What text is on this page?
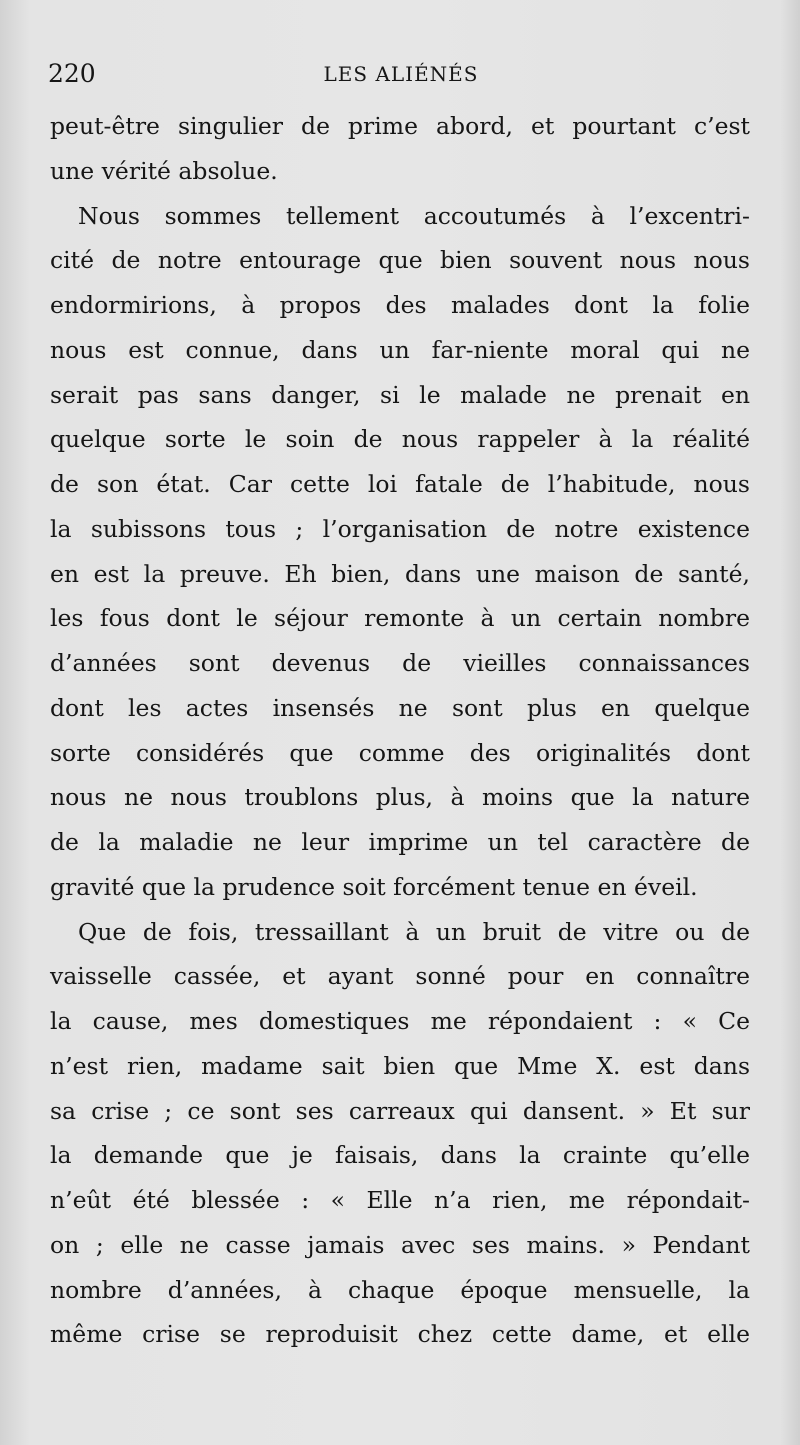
220	LES ALIÉNÉS
peut-être singulier de prime abord, et pourtant c’est
une vérité absolue.
Nous sommes tellement accoutumés à l’excentri-
cité de notre entourage que bien souvent nous nous
endormirions, à propos des malades dont la folie
nous est connue, dans un far-niente moral qui ne
serait pas sans danger, si le malade ne prenait en
quelque sorte le soin de nous rappeler à la réalité
de son état. Car cette loi fatale de l’habitude, nous
la subissons tous ; l’organisation de notre existence
en est la preuve. Eh bien, dans une maison de santé,
les fous dont le séjour remonte à un certain nombre
d’années sont devenus de vieilles connaissances
dont les actes insensés ne sont plus en quelque
sorte considérés que comme des originalités dont
nous ne nous troublons plus, à moins que la nature
de la maladie ne leur imprime un tel caractère de
gravité que la prudence soit forcément tenue en éveil.
Que de fois, tressaillant à un bruit de vitre ou de
vaisselle cassée, et ayant sonné pour en connaître
la cause, mes domestiques me répondaient : « Ce
n’est rien, madame sait bien que Mme X. est dans
sa crise ; ce sont ses carreaux qui dansent. » Et sur
la demande que je faisais, dans la crainte qu’elle
n’eût été blessée : « Elle n’a rien, me répondait-
on ; elle ne casse jamais avec ses mains. » Pendant
nombre d’années, à chaque époque mensuelle, la
même crise se reproduisit chez cette dame, et elle
